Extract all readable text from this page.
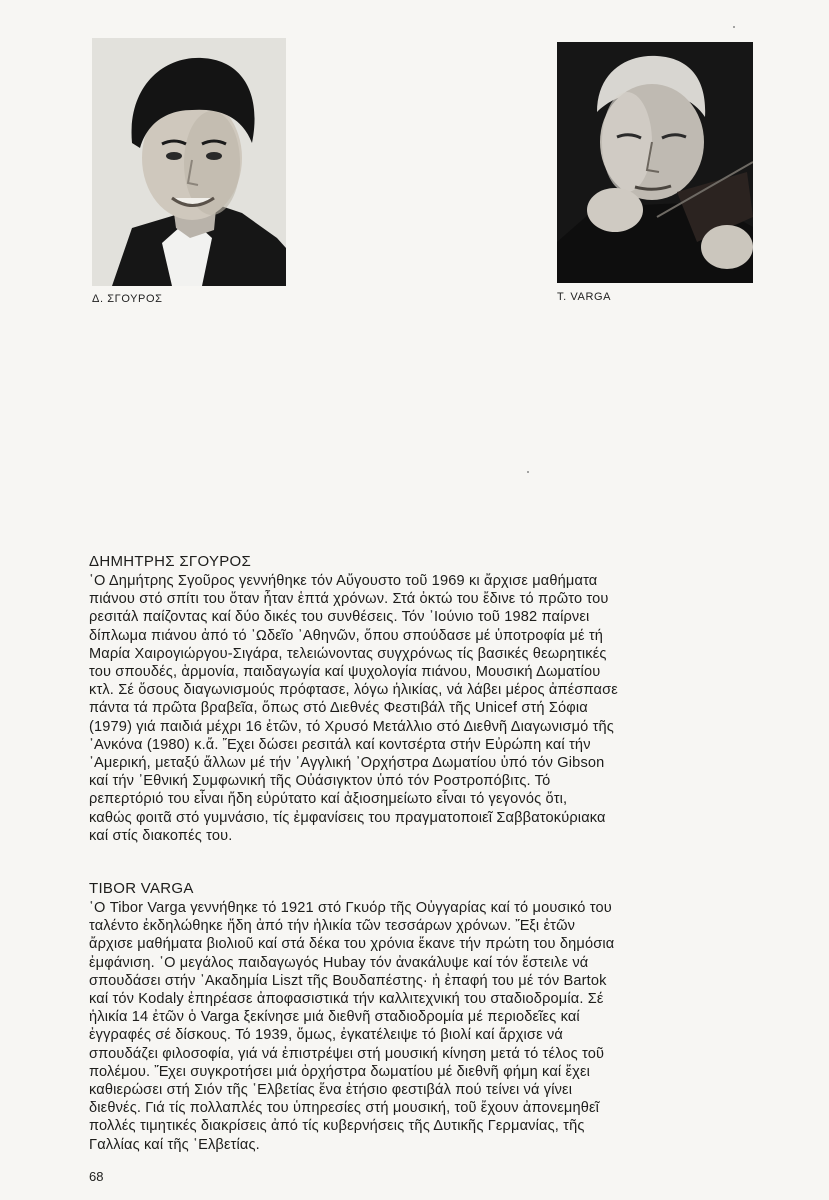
Δ. ΣΓΟΥΡΟΣ	T. VARGA
ΔΗΜΗΤΡΗΣ ΣΓΟΥΡΟΣ

῾Ο Δημήτρης Σγοῦρος γεννήθηκε τόν Αὔγουστο τοῦ 1969 κι ἄρχισε μαθήματα
πιάνου στό σπίτι του ὅταν ἦταν ἑπτά χρόνων. Στά ὀκτώ του ἔδινε τό πρῶτο του
ρεσιτάλ παίζοντας καί δύο δικές του συνθέσεις. Τόν ᾽Ιούνιο τοῦ 1982 παίρνει
δίπλωμα πιάνου ἀπό τό ᾽Ωδεῖο ᾽Αθηνῶν, ὅπου σπούδασε μέ ὑποτροφία μέ τή
Μαρία Χαιρογιώργου-Σιγάρα, τελειώνοντας συγχρόνως τίς βασικές θεωρητικές
του σπουδές, ἁρμονία, παιδαγωγία καί ψυχολογία πιάνου, Μουσική Δωματίου
κτλ. Σέ ὅσους διαγωνισμούς πρόφτασε, λόγω ἡλικίας, νά λάβει μέρος ἀπέσπασε
πάντα τά πρῶτα βραβεῖα, ὅπως στό Διεθνές Φεστιβάλ τῆς Unicef στή Σόφια
(1979) γιά παιδιά μέχρι 16 ἐτῶν, τό Χρυσό Μετάλλιο στό Διεθνῆ Διαγωνισμό τῆς
᾽Ανκόνα (1980) κ.ἄ. Ἔχει δώσει ρεσιτάλ καί κοντσέρτα στήν Εὐρώπη καί τήν
᾽Αμερική, μεταξύ ἄλλων μέ τήν ᾽Αγγλική ᾽Ορχήστρα Δωματίου ὑπό τόν Gibson
καί τήν ᾽Εθνική Συμφωνική τῆς Οὐάσιγκτον ὑπό τόν Ροστροπόβιτς. Τό
ρεπερτόριό του εἶναι ἤδη εὐρύτατο καί ἀξιοσημείωτο εἶναι τό γεγονός ὅτι,
καθώς φοιτᾶ στό γυμνάσιο, τίς ἐμφανίσεις του πραγματοποιεῖ Σαββατοκύριακα
καί στίς διακοπές του.

TIBOR VARGA

῾Ο Tibor Varga γεννήθηκε τό 1921 στό Γκυόρ τῆς Οὐγγαρίας καί τό μουσικό του
ταλέντο ἐκδηλώθηκε ἤδη ἀπό τήν ἡλικία τῶν τεσσάρων χρόνων. Ἔξι ἐτῶν
ἄρχισε μαθήματα βιολιοῦ καί στά δέκα του χρόνια ἔκανε τήν πρώτη του δημόσια
ἐμφάνιση. ῾Ο μεγάλος παιδαγωγός Hubay τόν ἀνακάλυψε καί τόν ἔστειλε νά
σπουδάσει στήν ᾽Ακαδημία Liszt τῆς Βουδαπέστης· ἡ ἐπαφή του μέ τόν Bartok
καί τόν Kodaly ἐπηρέασε ἀποφασιστικά τήν καλλιτεχνική του σταδιοδρομία. Σέ
ἡλικία 14 ἐτῶν ὁ Varga ξεκίνησε μιά διεθνῆ σταδιοδρομία μέ περιοδεῖες καί
ἐγγραφές σέ δίσκους. Τό 1939, ὅμως, ἐγκατέλειψε τό βιολί καί ἄρχισε νά
σπουδάζει φιλοσοφία, γιά νά ἐπιστρέψει στή μουσική κίνηση μετά τό τέλος τοῦ
πολέμου. Ἔχει συγκροτήσει μιά ὀρχήστρα δωματίου μέ διεθνῆ φήμη καί ἔχει
καθιερώσει στή Σιόν τῆς ῾Ελβετίας ἕνα ἐτήσιο φεστιβάλ πού τείνει νά γίνει
διεθνές. Γιά τίς πολλαπλές του ὑπηρεσίες στή μουσική, τοῦ ἔχουν ἀπονεμηθεῖ
πολλές τιμητικές διακρίσεις ἀπό τίς κυβερνήσεις τῆς Δυτικῆς Γερμανίας, τῆς
Γαλλίας καί τῆς ῾Ελβετίας.

68
